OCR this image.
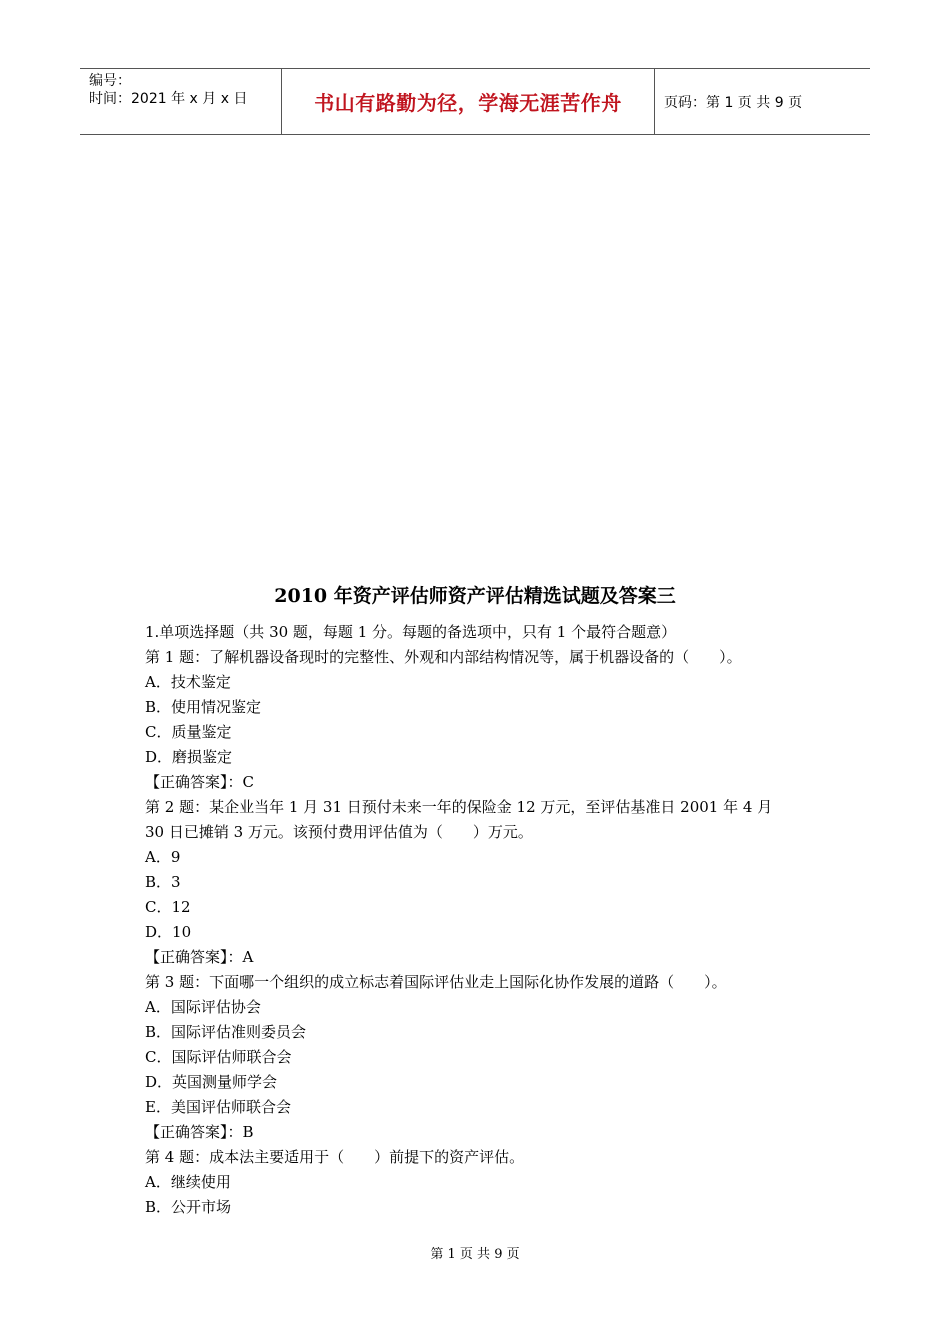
编号：
时间：2021 年 x 月 x 日	书山有路勤为径，学海无涯苦作舟	页码：第 1 页 共 9 页
2010 年资产评估师资产评估精选试题及答案三

1.单项选择题（共 30 题，每题 1 分。每题的备选项中，只有 1 个最符合题意）

第 1 题：了解机器设备现时的完整性、外观和内部结构情况等，属于机器设备的（　　）。

A．技术鉴定

B．使用情况鉴定

C．质量鉴定

D．磨损鉴定

【正确答案】：C

第 2 题：某企业当年 1 月 31 日预付未来一年的保险金 12 万元，至评估基准日 2001 年 4 月

30 日已摊销 3 万元。该预付费用评估值为（　　）万元。

A．9

B．3

C．12

D．10

【正确答案】：A

第 3 题：下面哪一个组织的成立标志着国际评估业走上国际化协作发展的道路（　　）。

A．国际评估协会

B．国际评估准则委员会

C．国际评估师联合会

D．英国测量师学会

E．美国评估师联合会

【正确答案】：B

第 4 题：成本法主要适用于（　　）前提下的资产评估。

A．继续使用

B．公开市场

第 1 页 共 9 页
